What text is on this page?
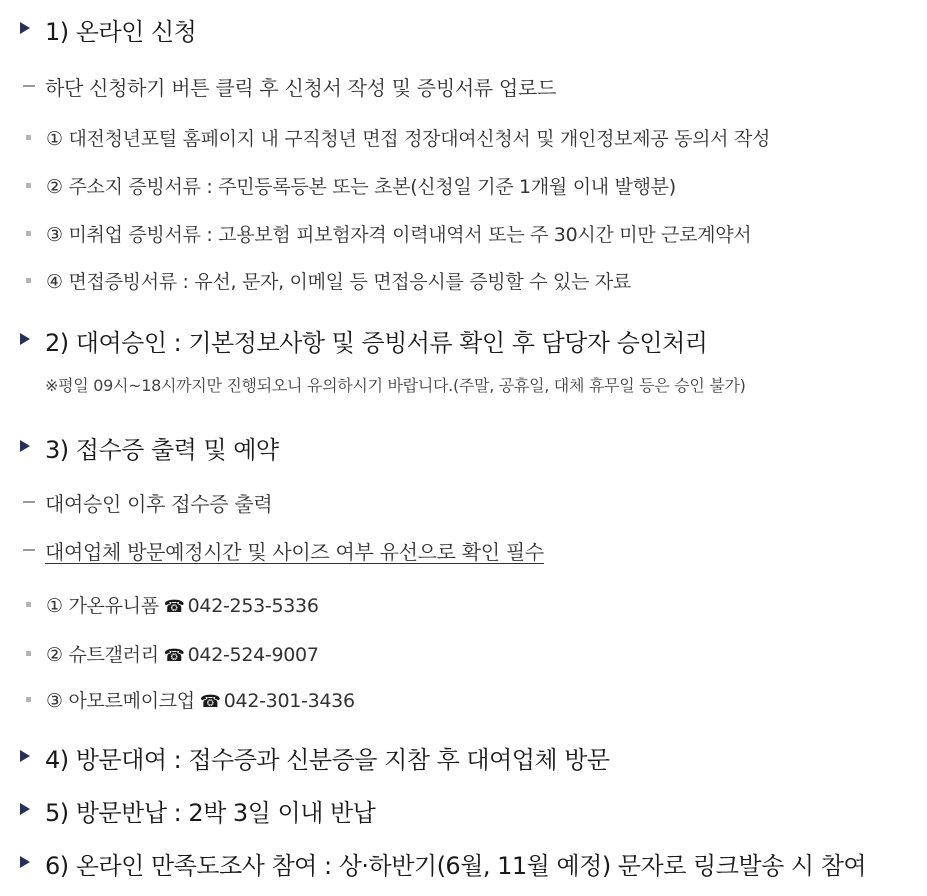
1) 온라인 신청
하단 신청하기 버튼 클릭 후 신청서 작성 및 증빙서류 업로드
① 대전청년포털 홈페이지 내 구직청년 면접 정장대여신청서 및 개인정보제공 동의서 작성
② 주소지 증빙서류 : 주민등록등본 또는 초본(신청일 기준 1개월 이내 발행분)
③ 미취업 증빙서류 : 고용보험 피보험자격 이력내역서 또는 주 30시간 미만 근로계약서
④ 면접증빙서류 : 유선, 문자, 이메일 등 면접응시를 증빙할 수 있는 자료
2) 대여승인 : 기본정보사항 및 증빙서류 확인 후 담당자 승인처리
※평일 09시~18시까지만 진행되오니 유의하시기 바랍니다.(주말, 공휴일, 대체 휴무일 등은 승인 불가)
3) 접수증 출력 및 예약
대여승인 이후 접수증 출력
대여업체 방문예정시간 및 사이즈 여부 유선으로 확인 필수
① 가온유니폼 ☎ 042-253-5336
② 슈트갤러리 ☎ 042-524-9007
③ 아모르메이크업 ☎ 042-301-3436
4) 방문대여 : 접수증과 신분증을 지참 후 대여업체 방문
5) 방문반납 : 2박 3일 이내 반납
6) 온라인 만족도조사 참여 : 상·하반기(6월, 11월 예정) 문자로 링크발송 시 참여
